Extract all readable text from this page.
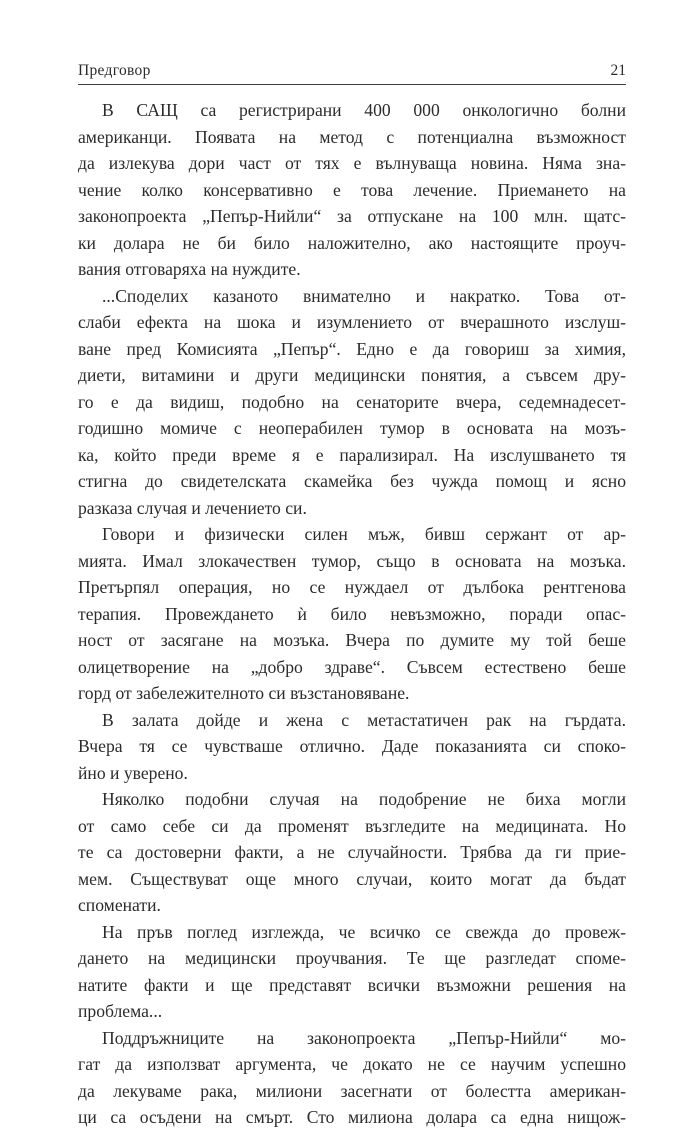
Предговор	21

В САЩ са регистрирани 400 000 онкологично болни
американци. Появата на метод с потенциална възможност
да излекува дори част от тях е вълнуваща новина. Няма зна-
чение колко консервативно е това лечение. Приемането на
законопроекта „Пепър-Нийли“ за отпускане на 100 млн. щатс-
ки долара не би било наложително, ако настоящите проуч-
вания отговаряха на нуждите.

...Споделих казаното внимателно и накратко. Това от-
слаби ефекта на шока и изумлението от вчерашното изслуш-
ване пред Комисията „Пепър“. Едно е да говориш за химия,
диети, витамини и други медицински понятия, а съвсем дру-
го е да видиш, подобно на сенаторите вчера, седемнадесет-
годишно момиче с неоперабилен тумор в основата на мозъ-
ка, който преди време я е парализирал. На изслушването тя
стигна до свидетелската скамейка без чужда помощ и ясно
разказа случая и лечението си.

Говори и физически силен мъж, бивш сержант от ар-
мията. Имал злокачествен тумор, също в основата на мозъка.
Претърпял операция, но се нуждаел от дълбока рентгенова
терапия. Провеждането ѝ било невъзможно, поради опас-
ност от засягане на мозъка. Вчера по думите му той беше
олицетворение на „добро здраве“. Съвсем естествено беше
горд от забележителното си възстановяване.

В залата дойде и жена с метастатичен рак на гърдата.
Вчера тя се чувстваше отлично. Даде показанията си споко-
йно и уверено.

Няколко подобни случая на подобрение не биха могли
от само себе си да променят възгледите на медицината. Но
те са достоверни факти, а не случайности. Трябва да ги прие-
мем. Съществуват още много случаи, които могат да бъдат
споменати.

На пръв поглед изглежда, че всичко се свежда до провеж-
дането на медицински проучвания. Те ще разгледат споме-
натите факти и ще представят всички възможни решения на
проблема...

Поддръжниците на законопроекта „Пепър-Нийли“ мо-
гат да използват аргумента, че докато не се научим успешно
да лекуваме рака, милиони засегнати от болестта американ-
ци са осъдени на смърт. Сто милиона долара са една нищож-
